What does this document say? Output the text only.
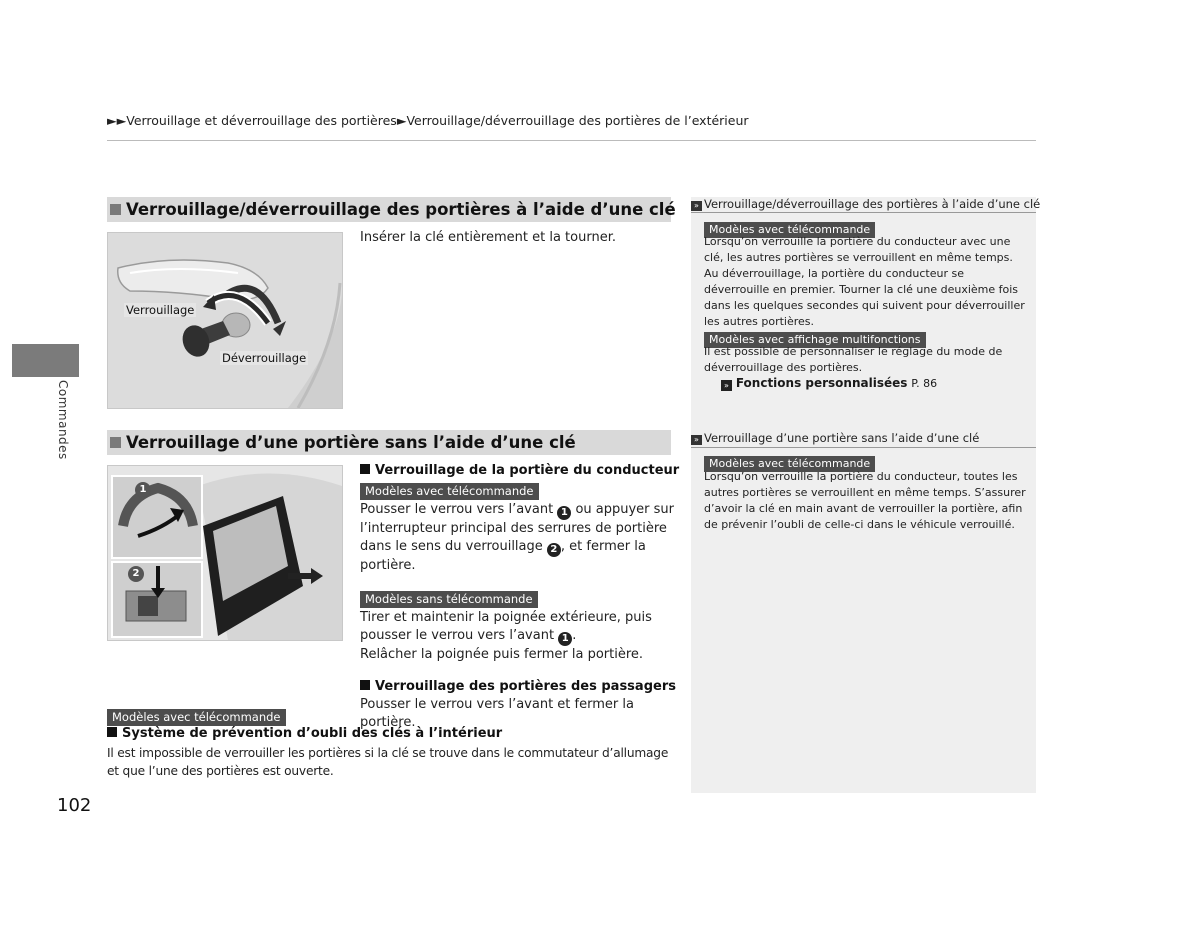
►►Verrouillage et déverrouillage des portières►Verrouillage/déverrouillage des portières de l’extérieur
Commandes
102
Verrouillage/déverrouillage des portières à l’aide d’une clé
Verrouillage
Déverrouillage
Insérer la clé entièrement et la tourner.
Verrouillage d’une portière sans l’aide d’une clé
1
2
Verrouillage de la portière du conducteur
Modèles avec télécommande
Pousser le verrou vers l’avant 1 ou appuyer sur l’interrupteur principal des serrures de portière dans le sens du verrouillage 2 , et fermer la portière.
Modèles sans télécommande
Tirer et maintenir la poignée extérieure, puis pousser le verrou vers l’avant 1 .
Relâcher la poignée puis fermer la portière.
Verrouillage des portières des passagers
Pousser le verrou vers l’avant et fermer la portière.
Modèles avec télécommande
Système de prévention d’oubli des clés à l’intérieur
Il est impossible de verrouiller les portières si la clé se trouve dans le commutateur d’allumage et que l’une des portières est ouverte.
» Verrouillage/déverrouillage des portières à l’aide d’une clé
Modèles avec télécommande
Lorsqu’on verrouille la portière du conducteur avec une clé, les autres portières se verrouillent en même temps. Au déverrouillage, la portière du conducteur se déverrouille en premier. Tourner la clé une deuxième fois dans les quelques secondes qui suivent pour déverrouiller les autres portières.
Modèles avec affichage multifonctions
Il est possible de personnaliser le réglage du mode de déverrouillage des portières.
» Fonctions personnalisées P. 86
» Verrouillage d’une portière sans l’aide d’une clé
Modèles avec télécommande
Lorsqu’on verrouille la portière du conducteur, toutes les autres portières se verrouillent en même temps. S’assurer d’avoir la clé en main avant de verrouiller la portière, afin de prévenir l’oubli de celle-ci dans le véhicule verrouillé.
